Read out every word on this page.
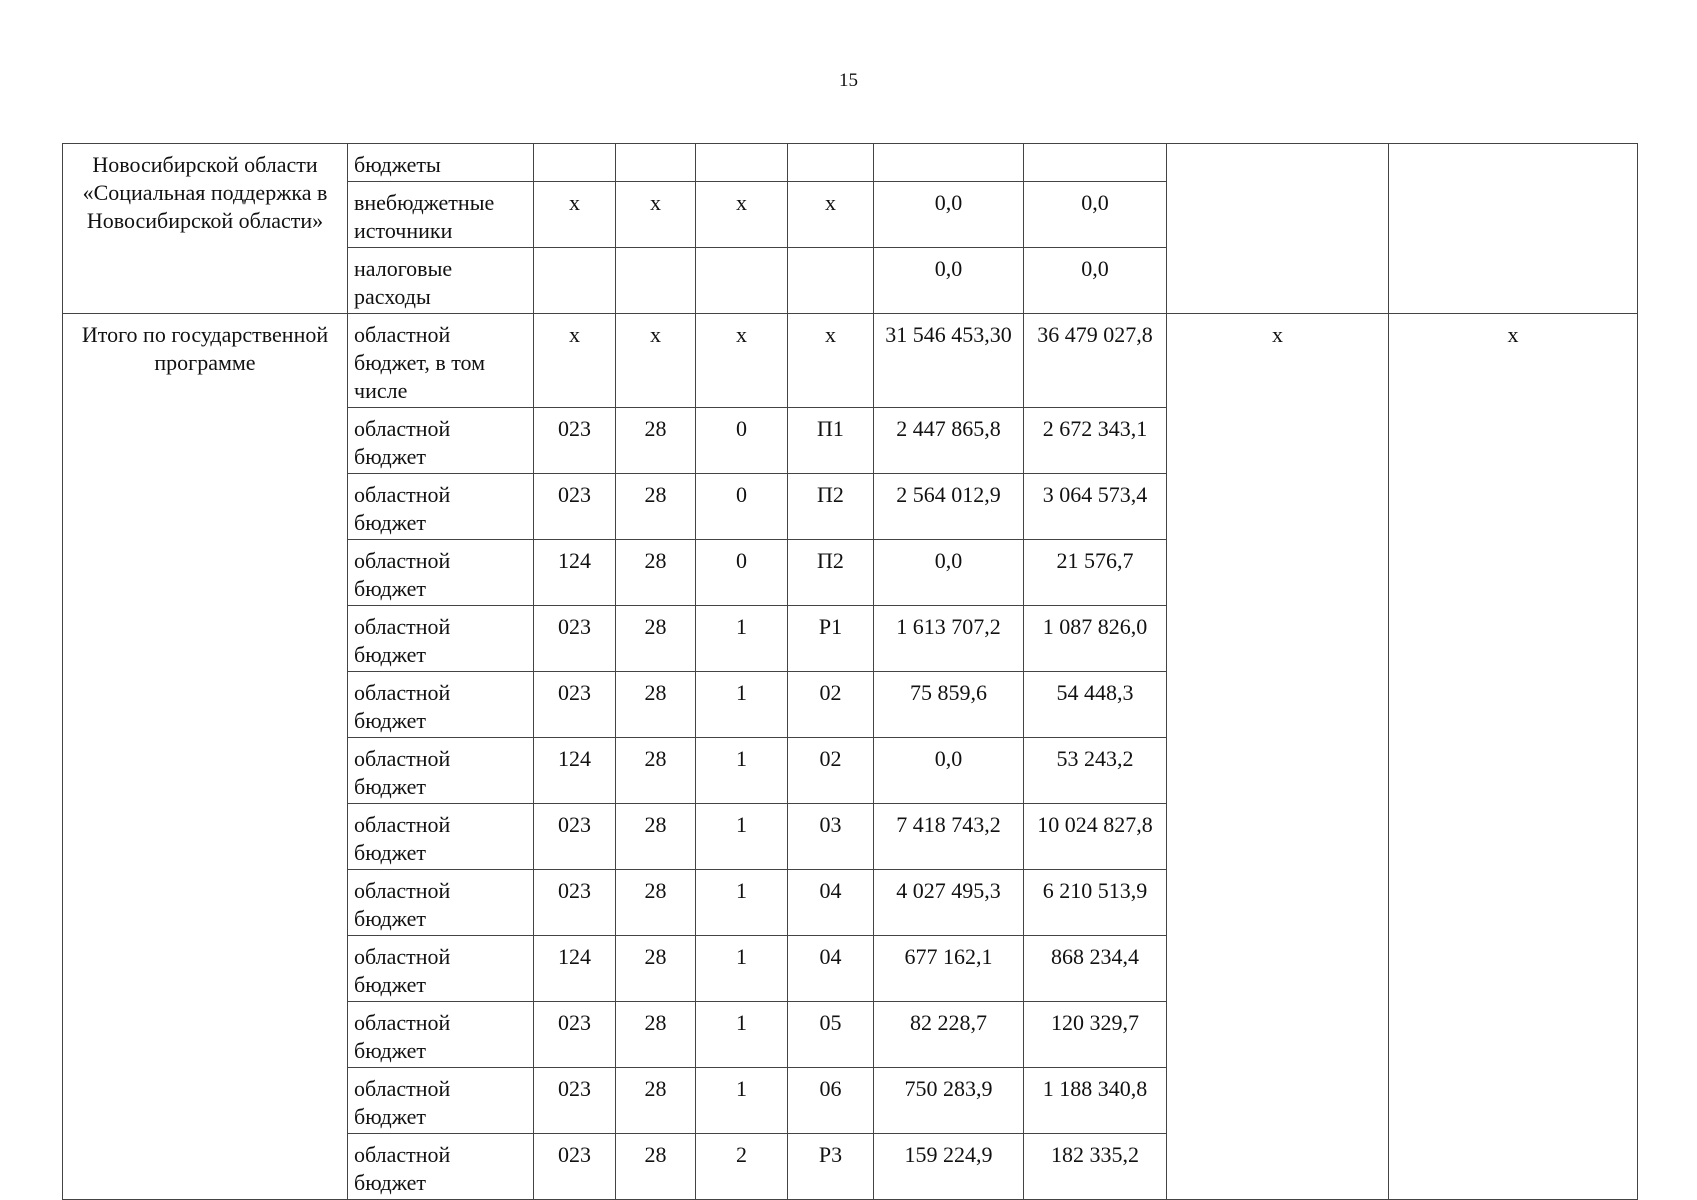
15
Новосибирской области «Социальная поддержка в Новосибирской области»	бюджеты								
	внебюджетные источники	х	х	х	х	0,0	0,0		
	налоговые расходы					0,0	0,0		
Итого по государственной программе	областной бюджет, в том числе	х	х	х	х	31 546 453,30	36 479 027,8	х	х
	областной бюджет	023	28	0	П1	2 447 865,8	2 672 343,1		
	областной бюджет	023	28	0	П2	2 564 012,9	3 064 573,4		
	областной бюджет	124	28	0	П2	0,0	21 576,7		
	областной бюджет	023	28	1	Р1	1 613 707,2	1 087 826,0		
	областной бюджет	023	28	1	02	75 859,6	54 448,3		
	областной бюджет	124	28	1	02	0,0	53 243,2		
	областной бюджет	023	28	1	03	7 418 743,2	10 024 827,8		
	областной бюджет	023	28	1	04	4 027 495,3	6 210 513,9		
	областной бюджет	124	28	1	04	677 162,1	868 234,4		
	областной бюджет	023	28	1	05	82 228,7	120 329,7		
	областной бюджет	023	28	1	06	750 283,9	1 188 340,8		
	областной бюджет	023	28	2	Р3	159 224,9	182 335,2		
